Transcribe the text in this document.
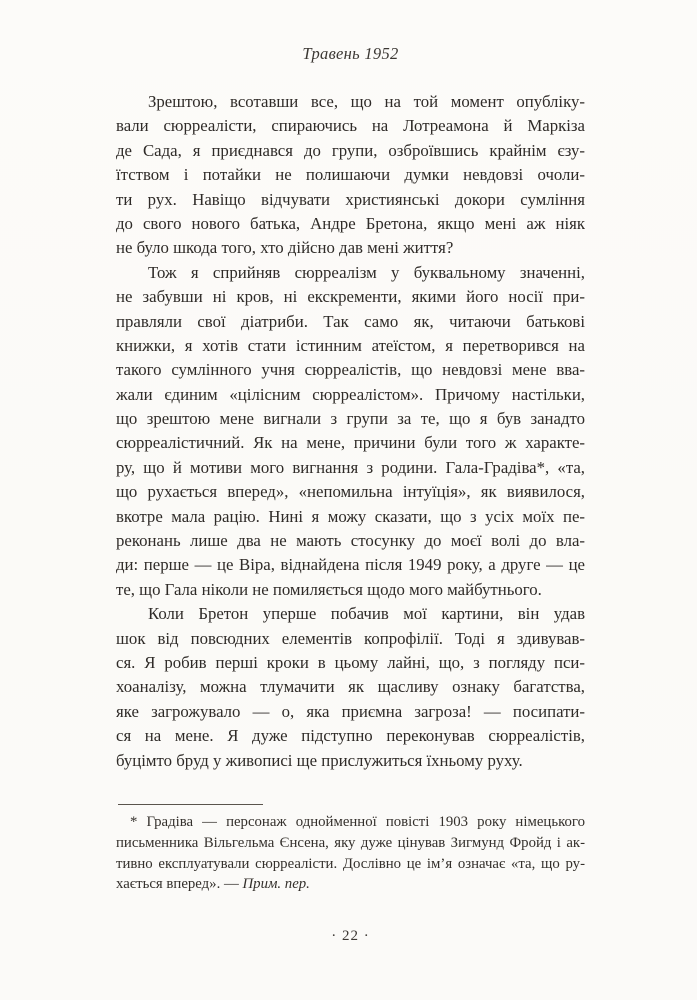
Травень 1952
Зрештою, всотавши все, що на той момент опубліку-
вали сюрреалісти, спираючись на Лотреамона й Маркіза
де Сада, я приєднався до групи, озброївшись крайнім єзу-
їтством і потайки не полишаючи думки невдовзі очоли-
ти рух. Навіщо відчувати християнські докори сумління
до свого нового батька, Андре Бретона, якщо мені аж ніяк
не було шкода того, хто дійсно дав мені життя?
Тож я сприйняв сюрреалізм у буквальному значенні,
не забувши ні кров, ні екскременти, якими його носії при-
правляли свої діатриби. Так само як, читаючи батькові
книжки, я хотів стати істинним атеїстом, я перетворився на
такого сумлінного учня сюрреалістів, що невдовзі мене вва-
жали єдиним «цілісним сюрреалістом». Причому настільки,
що зрештою мене вигнали з групи за те, що я був занадто
сюрреалістичний. Як на мене, причини були того ж характе-
ру, що й мотиви мого вигнання з родини. Гала-Градіва*, «та,
що рухається вперед», «непомильна інтуїція», як виявилося,
вкотре мала рацію. Нині я можу сказати, що з усіх моїх пе-
реконань лише два не мають стосунку до моєї волі до вла-
ди: перше — це Віра, віднайдена після 1949 року, а друге — це
те, що Гала ніколи не помиляється щодо мого майбутнього.
Коли Бретон уперше побачив мої картини, він удав
шок від повсюдних елементів копрофілії. Тоді я здивував-
ся. Я робив перші кроки в цьому лайні, що, з погляду пси-
хоаналізу, можна тлумачити як щасливу ознаку багатства,
яке загрожувало — о, яка приємна загроза! — посипати-
ся на мене. Я дуже підступно переконував сюрреалістів,
буцімто бруд у живописі ще прислужиться їхньому руху.
* Градіва — персонаж однойменної повісті 1903 року німецького
письменника Вільгельма Єнсена, яку дуже цінував Зигмунд Фройд і ак-
тивно експлуатували сюрреалісти. Дослівно це ім’я означає «та, що ру-
хається вперед». — Прим. пер.
· 22 ·
